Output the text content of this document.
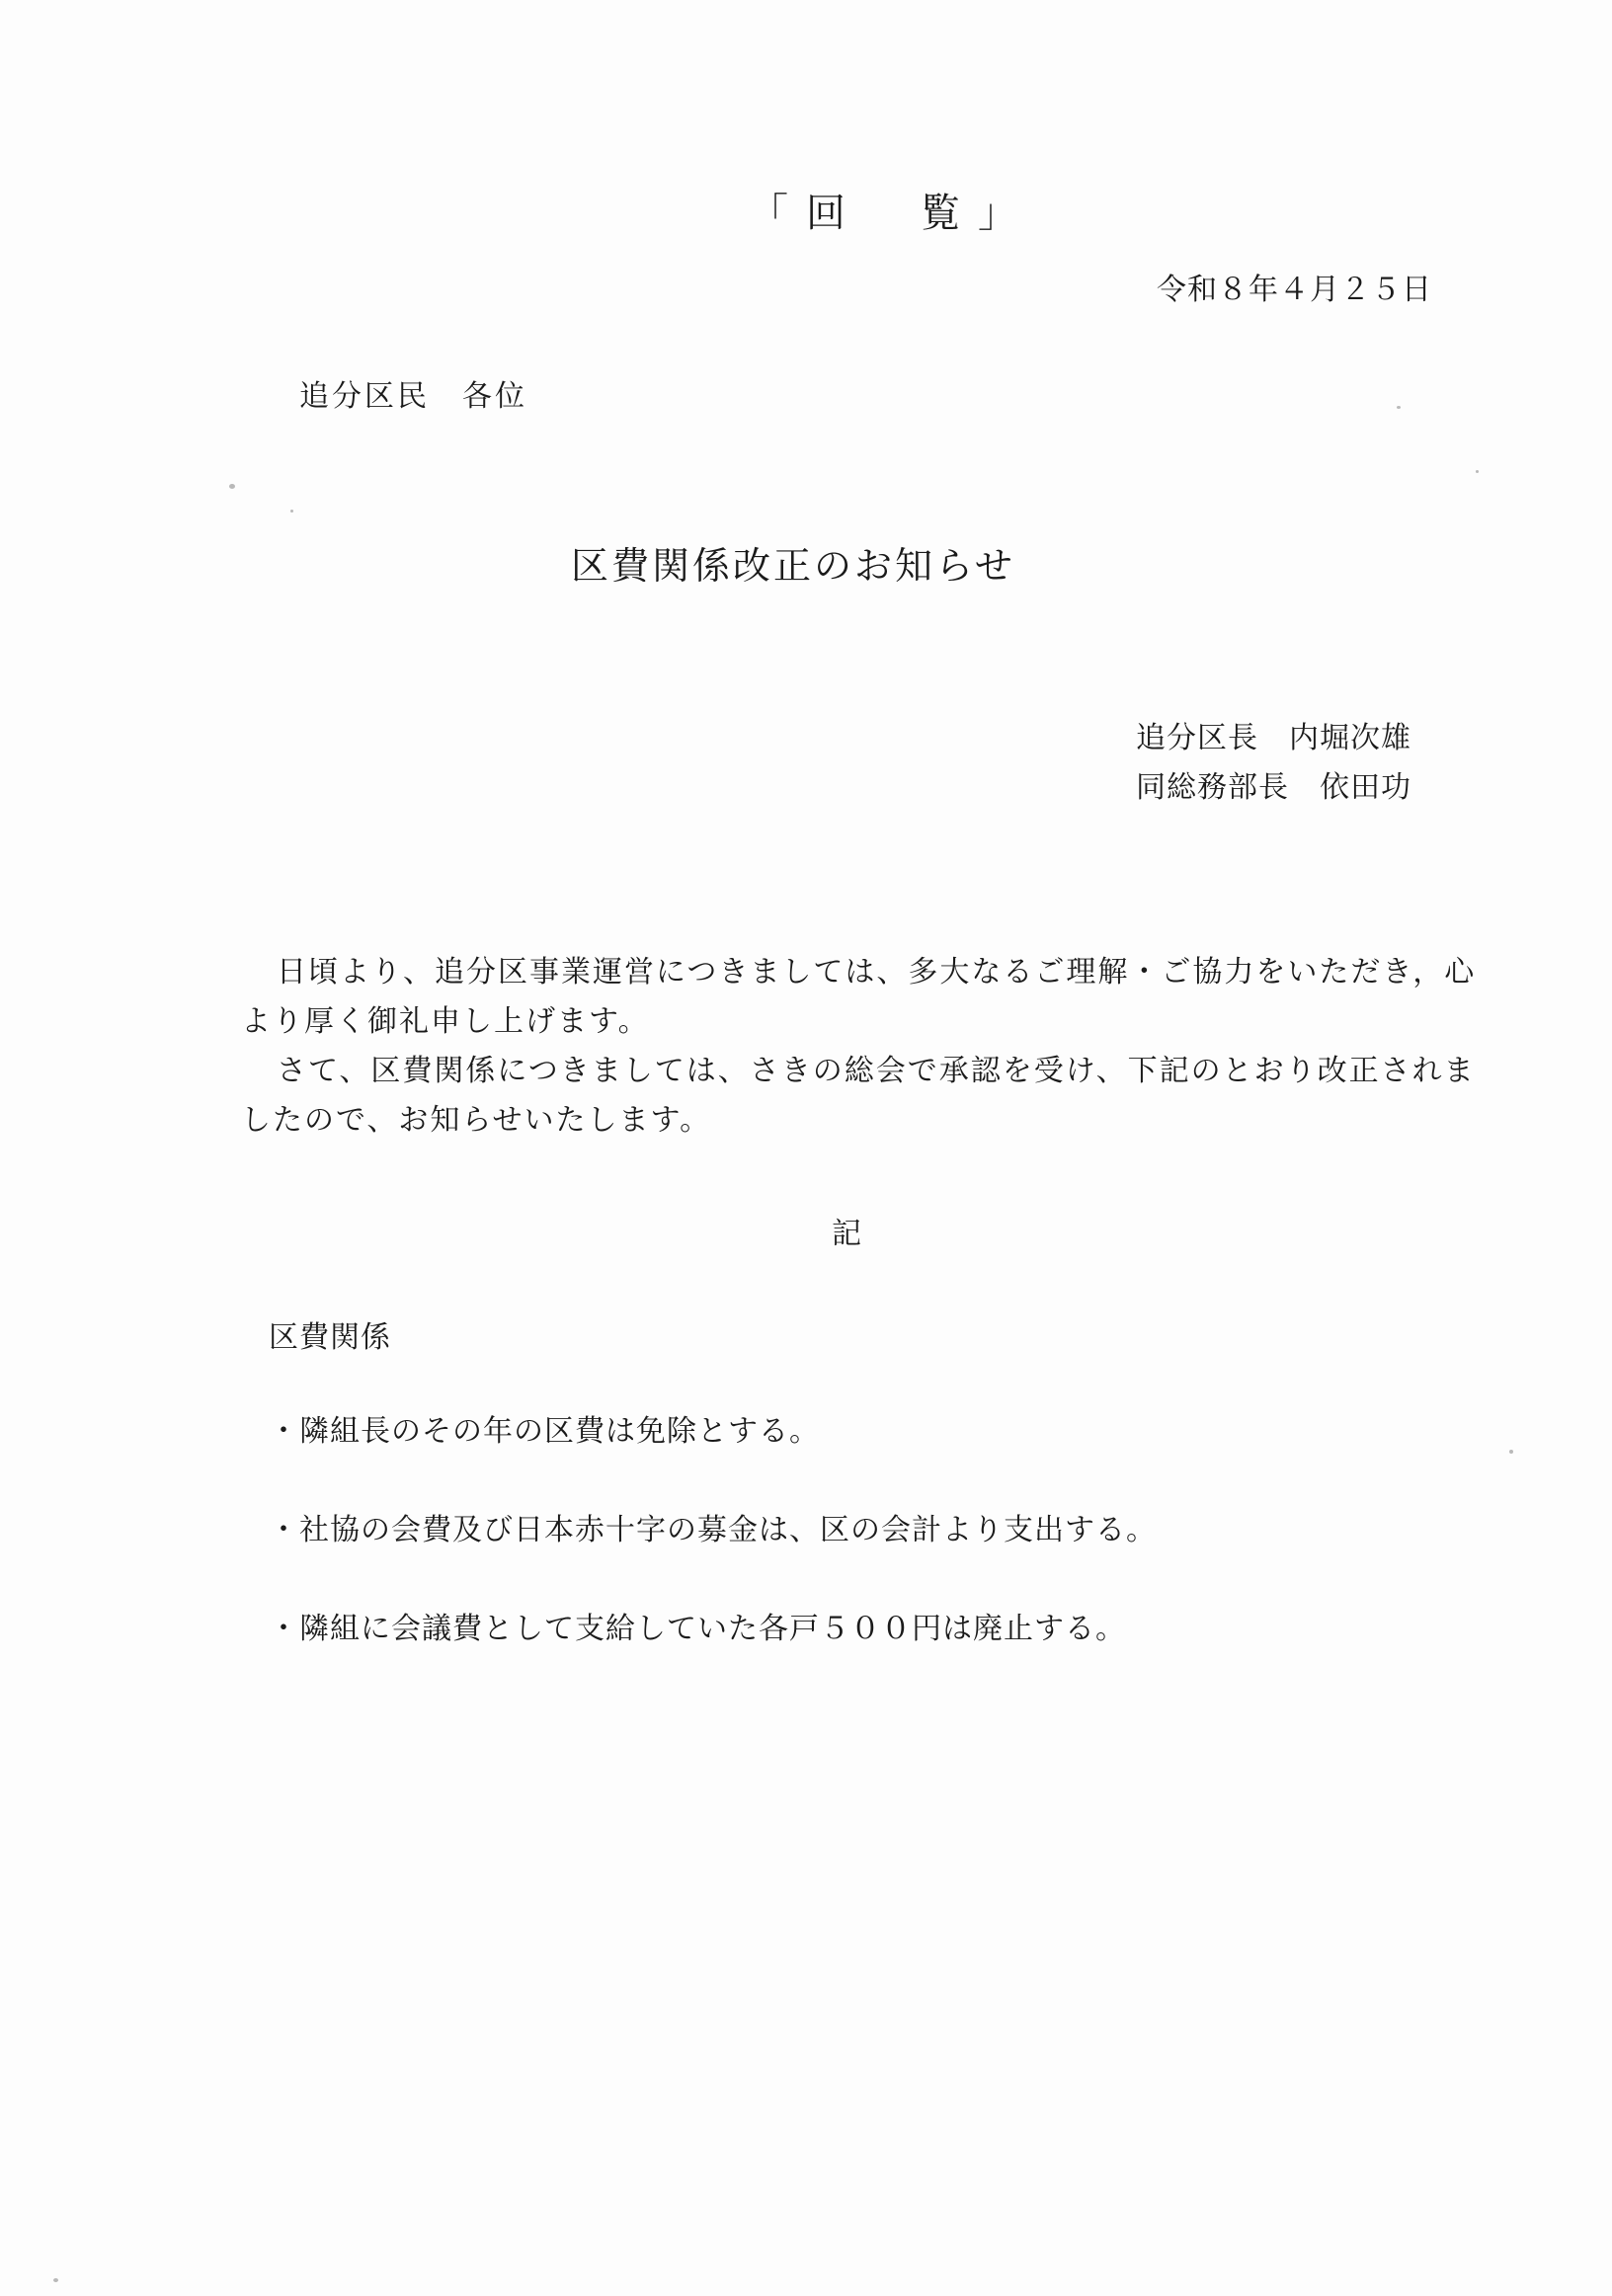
「回　覧」
令和８年４月２５日
追分区民　各位
区費関係改正のお知らせ
追分区長　内堀次雄
同総務部長　依田功

日頃より、追分区事業運営につきましては、多大なるご理解・ご協力をいただき，心より厚く御礼申し上げます。

さて、区費関係につきましては、さきの総会で承認を受け、下記のとおり改正されましたので、お知らせいたします。

記
区費関係
・隣組長のその年の区費は免除とする。
・社協の会費及び日本赤十字の募金は、区の会計より支出する。
・隣組に会議費として支給していた各戸５００円は廃止する。
